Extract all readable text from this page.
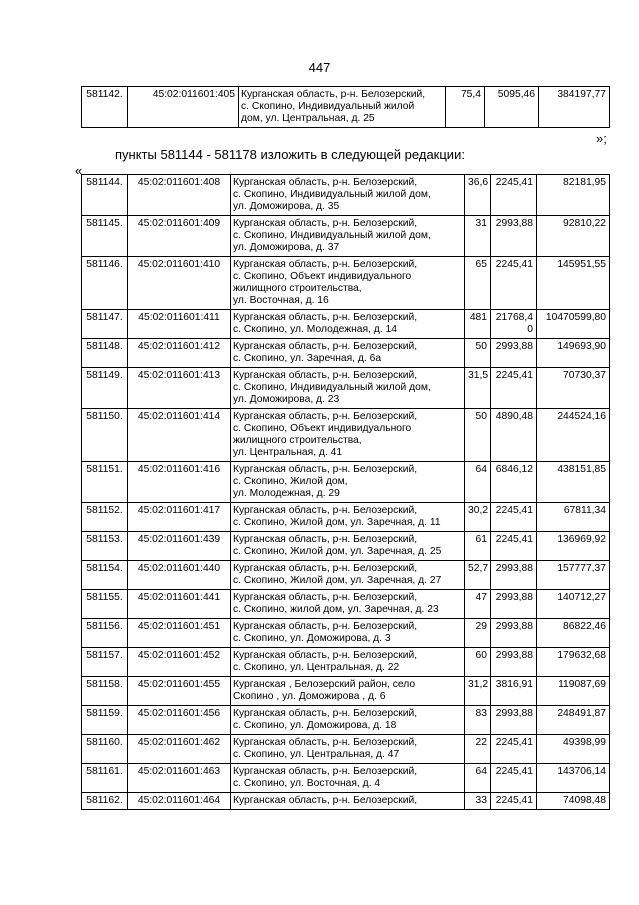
447
581142.	45:02:011601:405	Курганская область, р-н. Белозерский,
с. Скопино, Индивидуальный жилой
дом, ул. Центральная, д. 25
	75,4	5095,46	384197,77
»;
пункты 581144 - 581178 изложить в следующей редакции:
«
581144.	45:02:011601:408	Курганская область, р-н. Белозерский,
с. Скопино, Индивидуальный жилой дом,
ул. Доможирова, д. 35	36,6	2245,41	82181,95
581145.	45:02:011601:409	Курганская область, р-н. Белозерский,
с. Скопино, Индивидуальный жилой дом,
ул. Доможирова, д. 37	31	2993,88	92810,22
581146.	45:02:011601:410	Курганская область, р-н. Белозерский,
с. Скопино, Объект индивидуального
жилищного строительства,
ул. Восточная, д. 16	65	2245,41	145951,55
581147.	45:02:011601:411	Курганская область, р-н. Белозерский,
с. Скопино, ул. Молодежная, д. 14	481	21768,40	10470599,80
581148.	45:02:011601:412	Курганская область, р-н. Белозерский,
с. Скопино, ул. Заречная, д. 6а	50	2993,88	149693,90
581149.	45:02:011601:413	Курганская область, р-н. Белозерский,
с. Скопино, Индивидуальный жилой дом,
ул. Доможирова, д. 23	31,5	2245,41	70730,37
581150.	45:02:011601:414	Курганская область, р-н. Белозерский,
с. Скопино, Объект индивидуального
жилищного строительства,
ул. Центральная, д. 41	50	4890,48	244524,16
581151.	45:02:011601:416	Курганская область, р-н. Белозерский,
с. Скопино, Жилой дом,
ул. Молодежная, д. 29	64	6846,12	438151,85
581152.	45:02:011601:417	Курганская область, р-н. Белозерский,
с. Скопино, Жилой дом, ул. Заречная, д. 11	30,2	2245,41	67811,34
581153.	45:02:011601:439	Курганская область, р-н. Белозерский,
с. Скопино, Жилой дом, ул. Заречная, д. 25	61	2245,41	136969,92
581154.	45:02:011601:440	Курганская область, р-н. Белозерский,
с. Скопино, Жилой дом, ул. Заречная, д. 27	52,7	2993,88	157777,37
581155.	45:02:011601:441	Курганская область, р-н. Белозерский,
с. Скопино, жилой дом, ул. Заречная, д. 23	47	2993,88	140712,27
581156.	45:02:011601:451	Курганская область, р-н. Белозерский,
с. Скопино, ул. Доможирова, д. 3	29	2993,88	86822,46
581157.	45:02:011601:452	Курганская область, р-н. Белозерский,
с. Скопино, ул. Центральная, д. 22	60	2993,88	179632,68
581158.	45:02:011601:455	Курганская , Белозерский район, село
Скопино , ул. Доможирова , д. 6	31,2	3816,91	119087,69
581159.	45:02:011601:456	Курганская область, р-н. Белозерский,
с. Скопино, ул. Доможирова, д. 18	83	2993,88	248491,87
581160.	45:02:011601:462	Курганская область, р-н. Белозерский,
с. Скопино, ул. Центральная, д. 47	22	2245,41	49398,99
581161.	45:02:011601:463	Курганская область, р-н. Белозерский,
с. Скопино, ул. Восточная, д. 4	64	2245,41	143706,14
581162.	45:02:011601:464	Курганская область, р-н. Белозерский,	33	2245,41	74098,48
